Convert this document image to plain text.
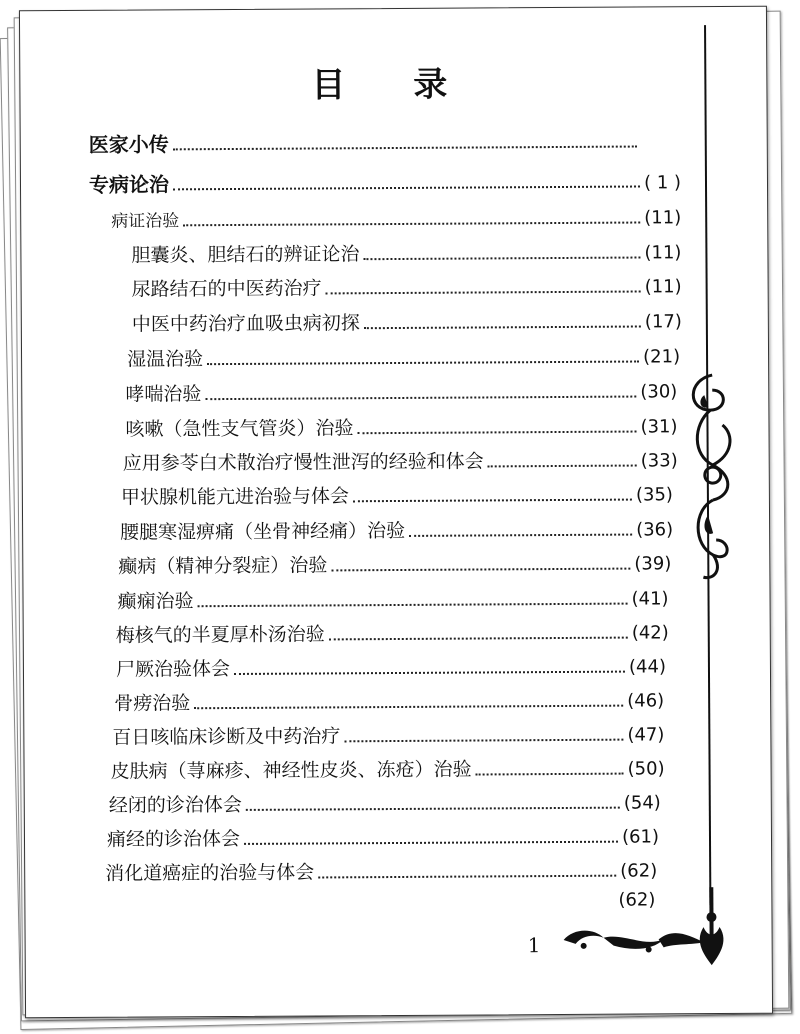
目 录
医家小传
专病论治	( 1 )
病证治验	(11)
胆囊炎、胆结石的辨证论治	(11)
尿路结石的中医药治疗	(11)
中医中药治疗血吸虫病初探	(17)
湿温治验	(21)
哮喘治验	(30)
咳嗽（急性支气管炎）治验	(31)
应用参苓白术散治疗慢性泄泻的经验和体会	(33)
甲状腺机能亢进治验与体会	(35)
腰腿寒湿痹痛（坐骨神经痛）治验	(36)
癫病（精神分裂症）治验	(39)
癫痫治验	(41)
梅核气的半夏厚朴汤治验	(42)
尸厥治验体会	(44)
骨痨治验	(46)
百日咳临床诊断及中药治疗	(47)
皮肤病（荨麻疹、神经性皮炎、冻疮）治验	(50)
经闭的诊治体会	(54)
痛经的诊治体会	(61)
消化道癌症的治验与体会	(62)
(62)
1
